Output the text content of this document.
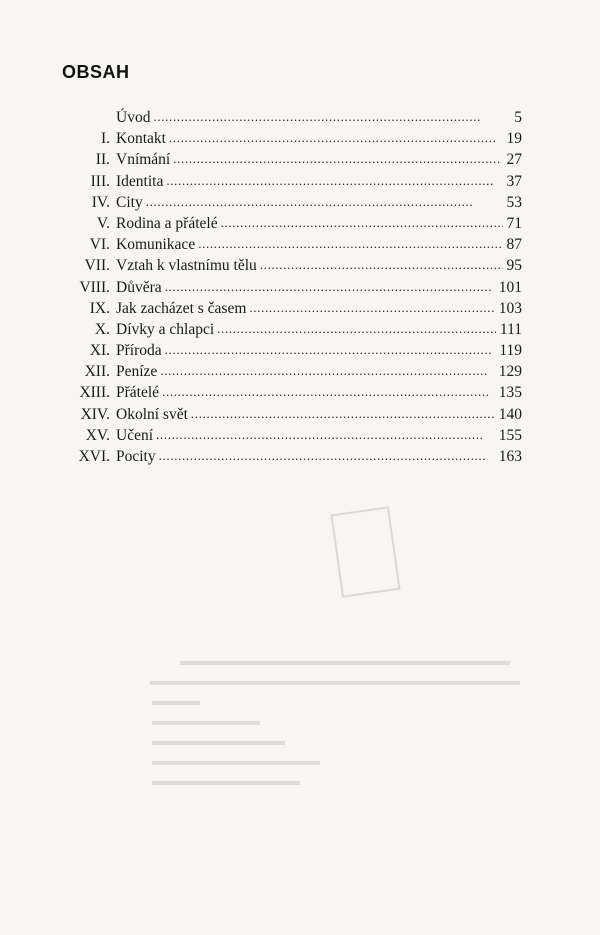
OBSAH
Úvod . . .	5
I. Kontakt . . .	19
II. Vnímání . . .	27
III. Identita . . .	37
IV. City . . .	53
V. Rodina a přátelé . . .	71
VI. Komunikace . . .	87
VII. Vztah k vlastnímu tělu . . .	95
VIII. Důvěra . . .	101
IX. Jak zacházet s časem . . .	103
X. Dívky a chlapci . . .	111
XI. Příroda . . .	119
XII. Peníze . . .	129
XIII. Přátelé . . .	135
XIV. Okolní svět . . .	140
XV. Učení . . .	155
XVI. Pocity . . .	163
